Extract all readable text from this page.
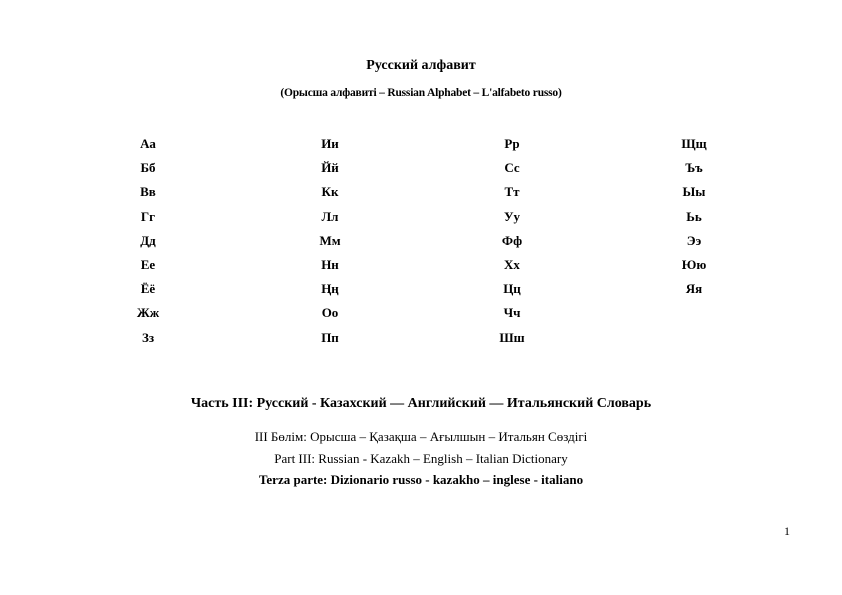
Русский алфавит
(Орысша алфавиті – Russian Alphabet – L'alfabeto russo)
Аа
Бб
Вв
Гг
Дд
Ее
Ёё
Жж
Зз
Ии
Йй
Кк
Лл
Мм
Нн
Ңң
Оо
Пп
Рр
Сс
Тт
Уу
Фф
Хх
Цц
Чч
Шш
Щщ
Ъъ
Ыы
Ьь
Ээ
Юю
Яя
Часть III: Русский - Казахский — Английский — Итальянский Словарь
III Бөлім: Орысша – Қазақша – Ағылшын – Итальян Сөздігі
Part III: Russian - Kazakh – English – Italian Dictionary
Terza parte: Dizionario russo - kazakho – inglese - italiano
1
